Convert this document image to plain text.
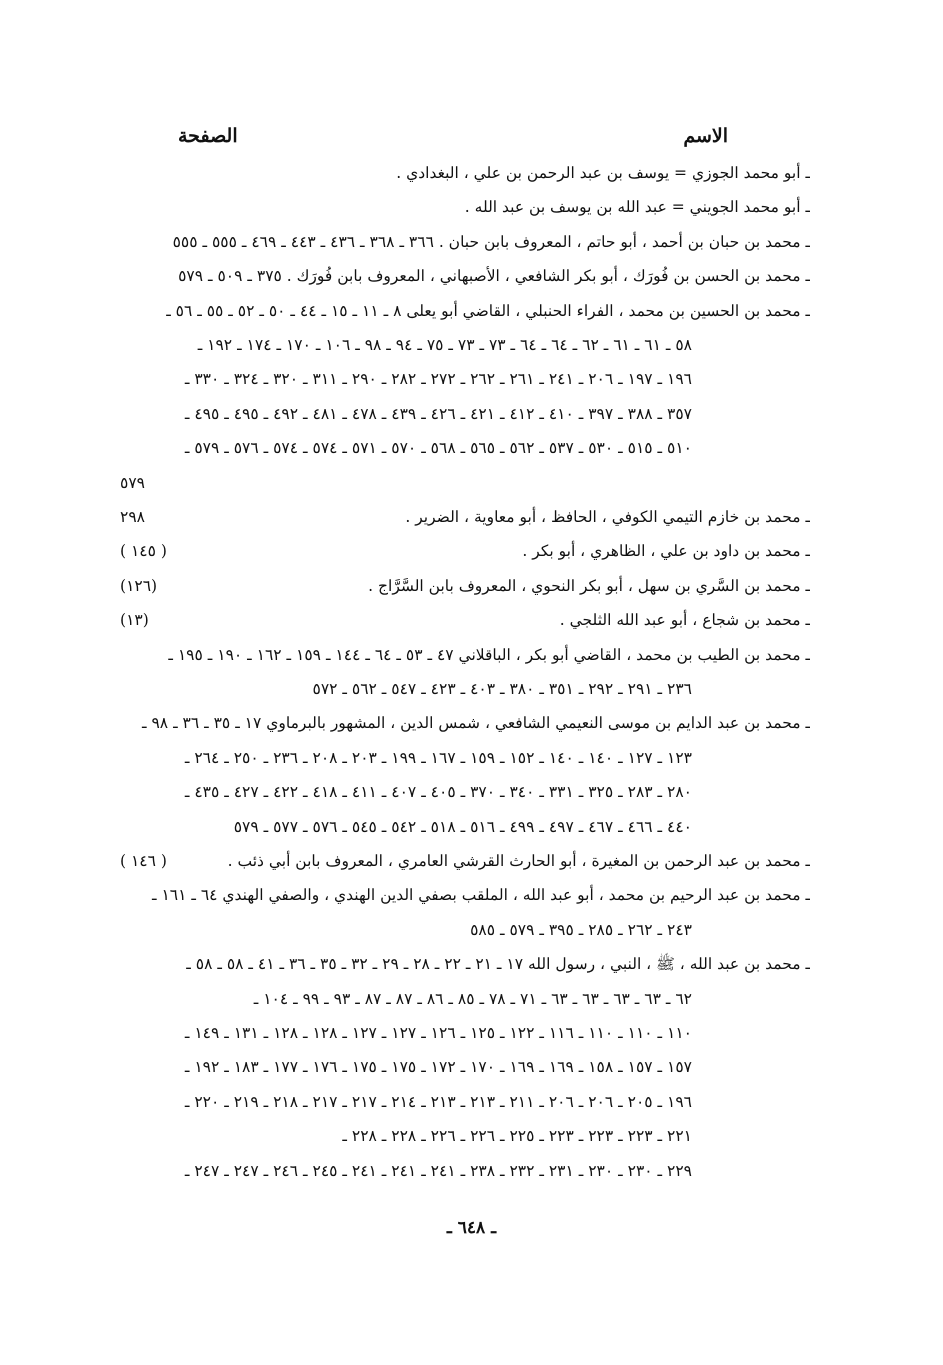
الاسم
الصفحة
ـ أبو محمد الجوزي = يوسف بن عبد الرحمن بن علي ، البغدادي .
ـ أبو محمد الجويني = عبد الله بن يوسف بن عبد الله .
ـ محمد بن حبان بن أحمد ، أبو حاتم ، المعروف بابن حبان . ٣٦٦ ـ ٣٦٨ ـ ٤٣٦ ـ ٤٤٣ ـ ٤٦٩ ـ ٥٥٥ ـ ٥٥٥
ـ محمد بن الحسن بن فُورَك ، أبو بكر الشافعي ، الأصبهاني ، المعروف بابن فُورَك . ٣٧٥ ـ ٥٠٩ ـ ٥٧٩
ـ محمد بن الحسين بن محمد ، الفراء الحنبلي ، القاضي أبو يعلى ٨ ـ ١١ ـ ١٥ ـ ٤٤ ـ ٥٠ ـ ٥٢ ـ ٥٥ ـ ٥٦ ـ
٥٨ ـ ٦١ ـ ٦١ ـ ٦٢ ـ ٦٤ ـ ٦٤ ـ ٧٣ ـ ٧٣ ـ ٧٥ ـ ٩٤ ـ ٩٨ ـ ١٠٦ ـ ١٧٠ ـ ١٧٤ ـ ١٩٢ ـ
١٩٦ ـ ١٩٧ ـ ٢٠٦ ـ ٢٤١ ـ ٢٦١ ـ ٢٦٢ ـ ٢٧٢ ـ ٢٨٢ ـ ٢٩٠ ـ ٣١١ ـ ٣٢٠ ـ ٣٢٤ ـ ٣٣٠ ـ
٣٥٧ ـ ٣٨٨ ـ ٣٩٧ ـ ٤١٠ ـ ٤١٢ ـ ٤٢١ ـ ٤٢٦ ـ ٤٣٩ ـ ٤٧٨ ـ ٤٨١ ـ ٤٩٢ ـ ٤٩٥ ـ ٤٩٥ ـ
٥١٠ ـ ٥١٥ ـ ٥٣٠ ـ ٥٣٧ ـ ٥٦٢ ـ ٥٦٥ ـ ٥٦٨ ـ ٥٧٠ ـ ٥٧١ ـ ٥٧٤ ـ ٥٧٤ ـ ٥٧٦ ـ ٥٧٩ ـ
٥٧٩
ـ محمد بن خازم التيمي الكوفي ، الحافظ ، أبو معاوية ، الضرير .
٢٩٨
ـ محمد بن داود بن علي ، الظاهري ، أبو بكر .
( ١٤٥ )
ـ محمد بن السَّري بن سهل ، أبو بكر النحوي ، المعروف بابن السَّرَّاج .
(١٢٦)
ـ محمد بن شجاع ، أبو عبد الله الثلجي .
(١٣)
ـ محمد بن الطيب بن محمد ، القاضي أبو بكر ، الباقلاني ٤٧ ـ ٥٣ ـ ٦٤ ـ ١٤٤ ـ ١٥٩ ـ ١٦٢ ـ ١٩٠ ـ ١٩٥ ـ
٢٣٦ ـ ٢٩١ ـ ٢٩٢ ـ ٣٥١ ـ ٣٨٠ ـ ٤٠٣ ـ ٤٢٣ ـ ٥٤٧ ـ ٥٦٢ ـ ٥٧٢
ـ محمد بن عبد الدايم بن موسى النعيمي الشافعي ، شمس الدين ، المشهور بالبرماوي ١٧ ـ ٣٥ ـ ٣٦ ـ ٩٨ ـ
١٢٣ ـ ١٢٧ ـ ١٤٠ ـ ١٤٠ ـ ١٥٢ ـ ١٥٩ ـ ١٦٧ ـ ١٩٩ ـ ٢٠٣ ـ ٢٠٨ ـ ٢٣٦ ـ ٢٥٠ ـ ٢٦٤ ـ
٢٨٠ ـ ٢٨٣ ـ ٣٢٥ ـ ٣٣١ ـ ٣٤٠ ـ ٣٧٠ ـ ٤٠٥ ـ ٤٠٧ ـ ٤١١ ـ ٤١٨ ـ ٤٢٢ ـ ٤٢٧ ـ ٤٣٥ ـ
٤٤٠ ـ ٤٦٦ ـ ٤٦٧ ـ ٤٩٧ ـ ٤٩٩ ـ ٥١٦ ـ ٥١٨ ـ ٥٤٢ ـ ٥٤٥ ـ ٥٧٦ ـ ٥٧٧ ـ ٥٧٩
ـ محمد بن عبد الرحمن بن المغيرة ، أبو الحارث القرشي العامري ، المعروف بابن أبي ذئب .
( ١٤٦ )
ـ محمد بن عبد الرحيم بن محمد ، أبو عبد الله ، الملقب بصفي الدين الهندي ، والصفي الهندي ٦٤ ـ ١٦١ ـ
٢٤٣ ـ ٢٦٢ ـ ٢٨٥ ـ ٣٩٥ ـ ٥٧٩ ـ ٥٨٥
ـ محمد بن عبد الله ، ﷺ ، النبي ، رسول الله ١٧ ـ ٢١ ـ ٢٢ ـ ٢٨ ـ ٢٩ ـ ٣٢ ـ ٣٥ ـ ٣٦ ـ ٤١ ـ ٥٨ ـ ٥٨ ـ
٦٢ ـ ٦٣ ـ ٦٣ ـ ٦٣ ـ ٦٣ ـ ٧١ ـ ٧٨ ـ ٨٥ ـ ٨٦ ـ ٨٧ ـ ٨٧ ـ ٩٣ ـ ٩٩ ـ ١٠٤ ـ
١١٠ ـ ١١٠ ـ ١١٠ ـ ١١٦ ـ ١٢٢ ـ ١٢٥ ـ ١٢٦ ـ ١٢٧ ـ ١٢٧ ـ ١٢٨ ـ ١٢٨ ـ ١٣١ ـ ١٤٩ ـ
١٥٧ ـ ١٥٧ ـ ١٥٨ ـ ١٦٩ ـ ١٦٩ ـ ١٧٠ ـ ١٧٢ ـ ١٧٥ ـ ١٧٥ ـ ١٧٦ ـ ١٧٧ ـ ١٨٣ ـ ١٩٢ ـ
١٩٦ ـ ٢٠٥ ـ ٢٠٦ ـ ٢٠٦ ـ ٢١١ ـ ٢١٣ ـ ٢١٣ ـ ٢١٤ ـ ٢١٧ ـ ٢١٧ ـ ٢١٨ ـ ٢١٩ ـ ٢٢٠ ـ
٢٢١ ـ ٢٢٣ ـ ٢٢٣ ـ ٢٢٣ ـ ٢٢٥ ـ ٢٢٦ ـ ٢٢٦ ـ ٢٢٨ ـ ٢٢٨ ـ
٢٢٩ ـ ٢٣٠ ـ ٢٣٠ ـ ٢٣١ ـ ٢٣٢ ـ ٢٣٨ ـ ٢٤١ ـ ٢٤١ ـ ٢٤١ ـ ٢٤٥ ـ ٢٤٦ ـ ٢٤٧ ـ ٢٤٧ ـ
ـ ٦٤٨ ـ
